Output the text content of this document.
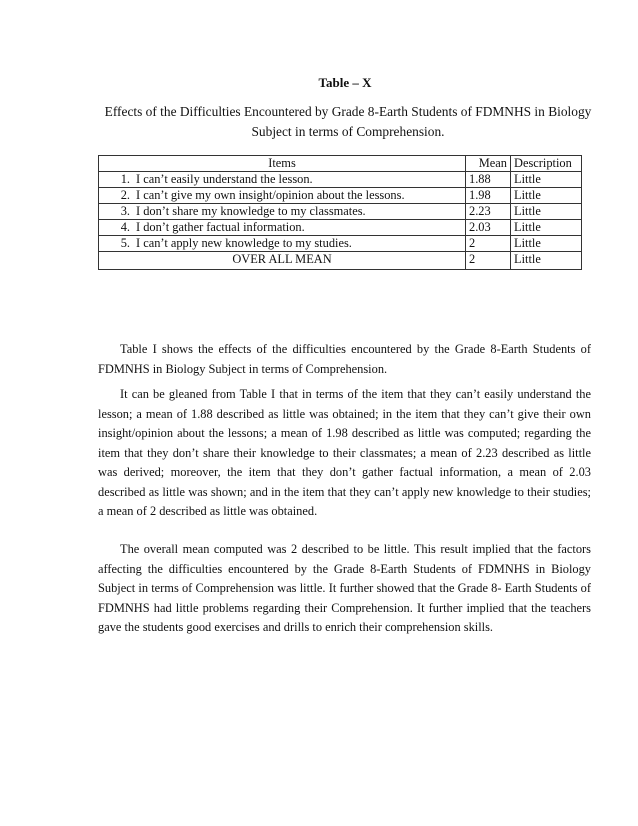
Table – X
Effects of the Difficulties Encountered by Grade 8-Earth Students of FDMNHS in Biology Subject in terms of Comprehension.
Items	Mean	Description
1. I can’t easily understand the lesson.	1.88	Little
2. I can’t give my own insight/opinion about the lessons.	1.98	Little
3. I don’t share my knowledge to my classmates.	2.23	Little
4. I don’t gather factual information.	2.03	Little
5. I can’t apply new knowledge to my studies.	2	Little
OVER ALL MEAN	2	Little

Table I shows the effects of the difficulties encountered by the Grade 8-Earth Students of FDMNHS in Biology Subject in terms of Comprehension.

It can be gleaned from Table I that in terms of the item that they can’t easily understand the lesson; a mean of 1.88 described as little was obtained; in the item that they can’t give their own insight/opinion about the lessons; a mean of 1.98 described as little was computed; regarding the item that they don’t share their knowledge to their classmates; a mean of 2.23 described as little was derived; moreover, the item that they don’t gather factual information, a mean of 2.03 described as little was shown; and in the item that they can’t apply new knowledge to their studies; a mean of 2 described as little was obtained.

The overall mean computed was 2 described to be little. This result implied that the factors affecting the difficulties encountered by the Grade 8-Earth Students of FDMNHS in Biology Subject in terms of Comprehension was little. It further showed that the Grade 8- Earth Students of FDMNHS had little problems regarding their Comprehension. It further implied that the teachers gave the students good exercises and drills to enrich their comprehension skills.
